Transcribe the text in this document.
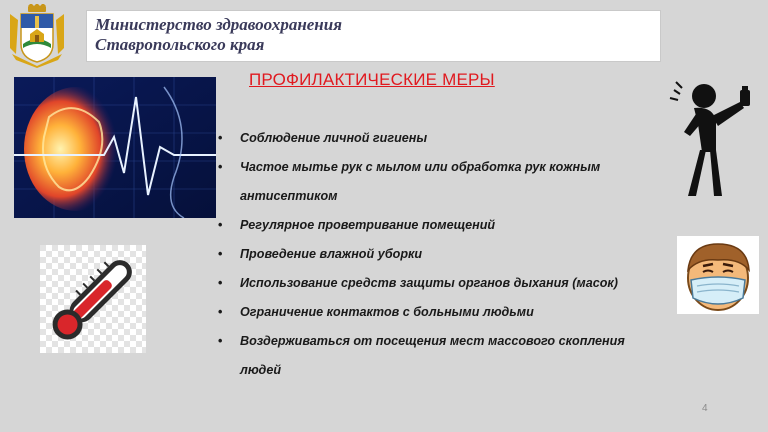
Министерство здравоохранения
Ставропольского края
ПРОФИЛАКТИЧЕСКИЕ МЕРЫ
• Соблюдение личной гигиены
• Частое мытье рук с мылом или обработка рук кожным антисептиком
• Регулярное проветривание помещений
• Проведение влажной уборки
• Использование средств защиты органов дыхания (масок)
• Ограничение контактов с больными людьми
• Воздерживаться от посещения мест массового скопления людей
4
